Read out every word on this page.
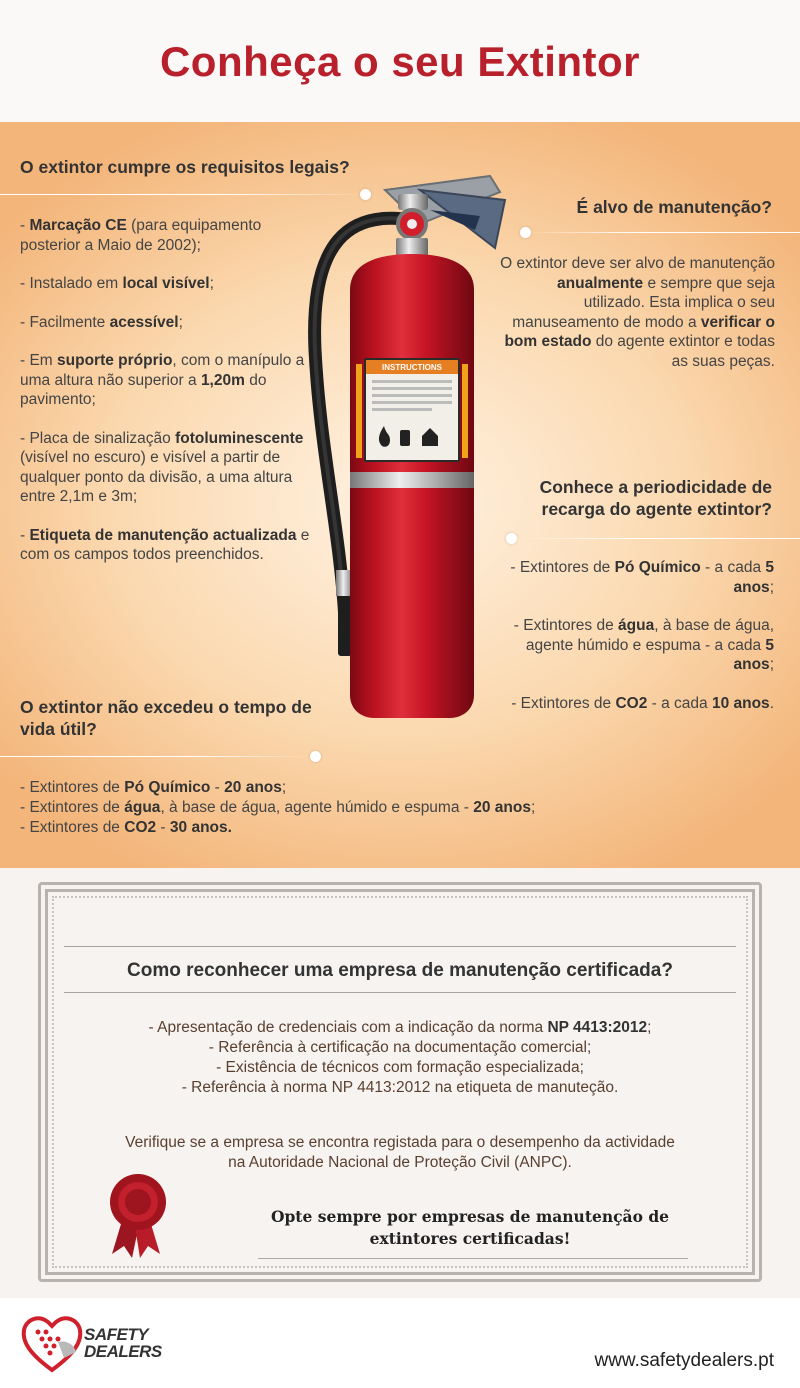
Conheça o seu Extintor
O extintor cumpre os requisitos legais?

- Marcação CE (para equipamento posterior a Maio de 2002);

- Instalado em local visível;

- Facilmente acessível;

- Em suporte próprio, com o manípulo a uma altura não superior a 1,20m do pavimento;

- Placa de sinalização fotoluminescente (visível no escuro) e visível a partir de qualquer ponto da divisão, a uma altura entre 2,1m e 3m;

- Etiqueta de manutenção actualizada e com os campos todos preenchidos.

É alvo de manutenção?
O extintor deve ser alvo de manutenção anualmente e sempre que seja utilizado. Esta implica o seu manuseamento de modo a verificar o bom estado do agente extintor e todas as suas peças.
Conhece a periodicidade de recarga do agente extintor?

- Extintores de Pó Químico - a cada 5 anos;

- Extintores de água, à base de água, agente húmido e espuma - a cada 5 anos;

- Extintores de CO2 - a cada 10 anos.

O extintor não excedeu o tempo de vida útil?
- Extintores de Pó Químico - 20 anos;
- Extintores de água, à base de água, agente húmido e espuma - 20 anos;
- Extintores de CO2 - 30 anos.
INSTRUCTIONS
Como reconhecer uma empresa de manutenção certificada?
- Apresentação de credenciais com a indicação da norma NP 4413:2012;
- Referência à certificação na documentação comercial;
- Existência de técnicos com formação especializada;
- Referência à norma NP 4413:2012 na etiqueta de manuteção.
Verifique se a empresa se encontra registada para o desempenho da actividade
na Autoridade Nacional de Proteção Civil (ANPC).
Opte sempre por empresas de manutenção de
extintores certificadas!
SAFETY
DEALERS	www.safetydealers.pt
